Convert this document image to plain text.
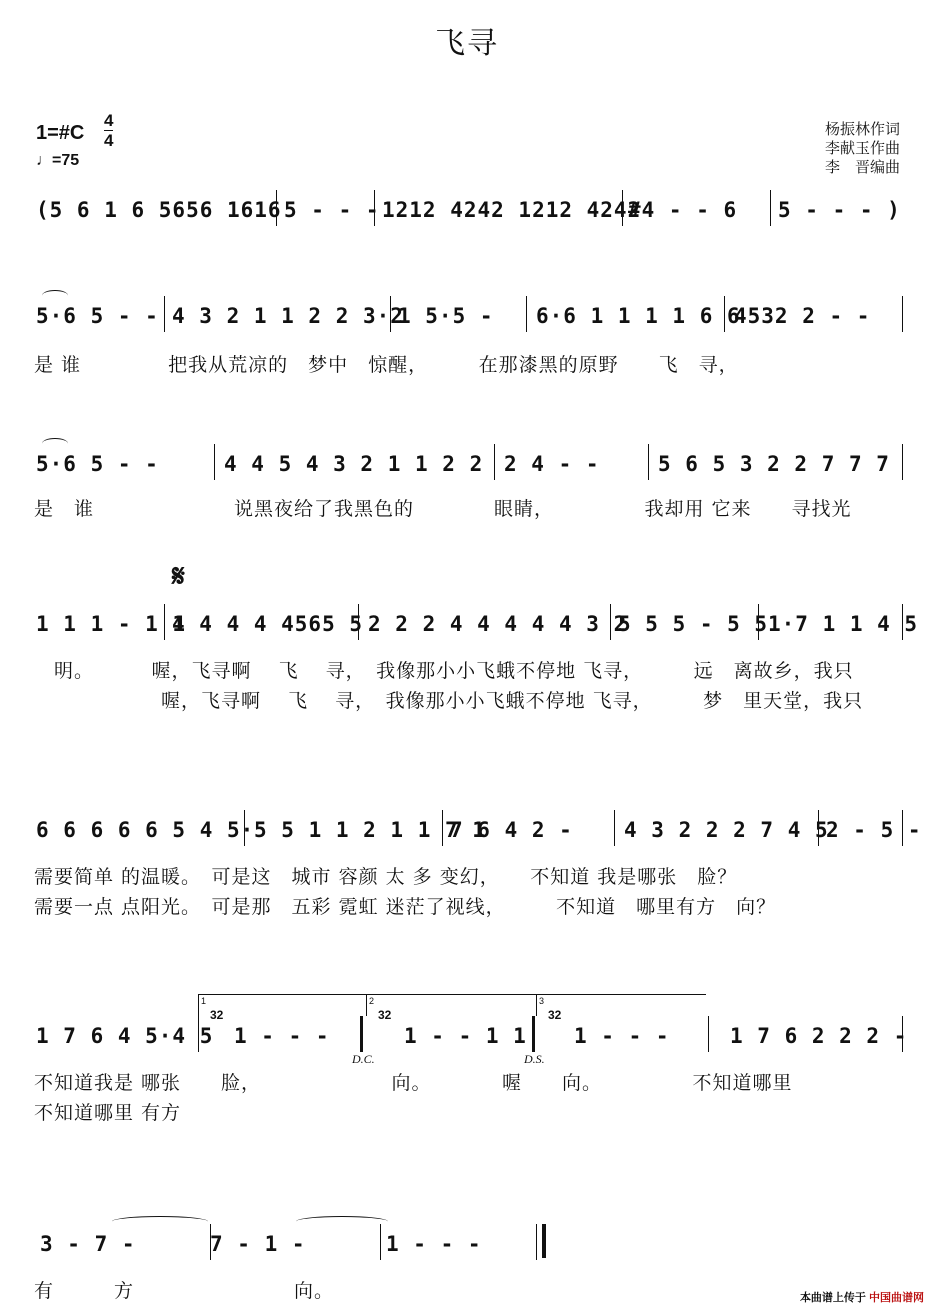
飞寻
杨振林作词
李献玉作曲
李　晋编曲
1=#C
4
4
♩=75
(5 6 1 6 5656 1616 5 - - - 1212 4242 1212 4242
#4 - - 6 5 - - - )
5·6 5 - - 4 3 2 1 1 2 2 3·2
1 5·5 - 6·6 1 1 1 1 6 6
4532 2 - -
是 谁　　　　 把我从荒凉的　梦中　惊醒，　　　在那漆黑的原野　　飞　寻，
5·6 5 - -	4 4 5 4 3 2 1 1 2 2 2 4 - -	5 6 5 3 2 2 7 7 7
是　谁　　　　　　　说黑夜给了我黑色的　　　　眼睛，　　　　　我却用 它来　　寻找光
𝄋
1 1 1 - 1 1
4 4 4 4 4565 5 2 2 2 4 4 4 4 4 3 2
5 5 5 - 5 5 1·7 1 1 4 5
　明。　　　 喔，飞寻啊　 飞　 寻，　我像那小小飞蛾不停地 飞寻，　　　远　离故乡，我只
　　　　　　 喔，飞寻啊　 飞　 寻，　我像那小小飞蛾不停地 飞寻，　　　梦　里天堂，我只
6 6 6 6 6 5 4 5· 5 5 1 1 2 1 1 7 1
7 6 4 2 - 4 3 2 2 2 7 4 5
2 - 5 -
需要简单 的温暖。　可是这　城市 容颜 太 多 变幻，　　不知道 我是哪张　脸？
需要一点 点阳光。　可是那　五彩 霓虹 迷茫了视线，　　　不知道　哪里有方　向？
1	2	3
32	32	32
1 7 6 4 5·4 5 1 - - -	1 - - 1 1 1 - - -	1 7 6 2 2 2 -
D.C.	D.S.
不知道我是 哪张　　脸，　　　　　　　向。　　　　喔　　向。　　　　　不知道哪里
不知道哪里 有方
3 - 7 -	7 - 1 -	1 - - -
有　　　方　　　　　　　　向。	本曲谱上传于 中国曲谱网
